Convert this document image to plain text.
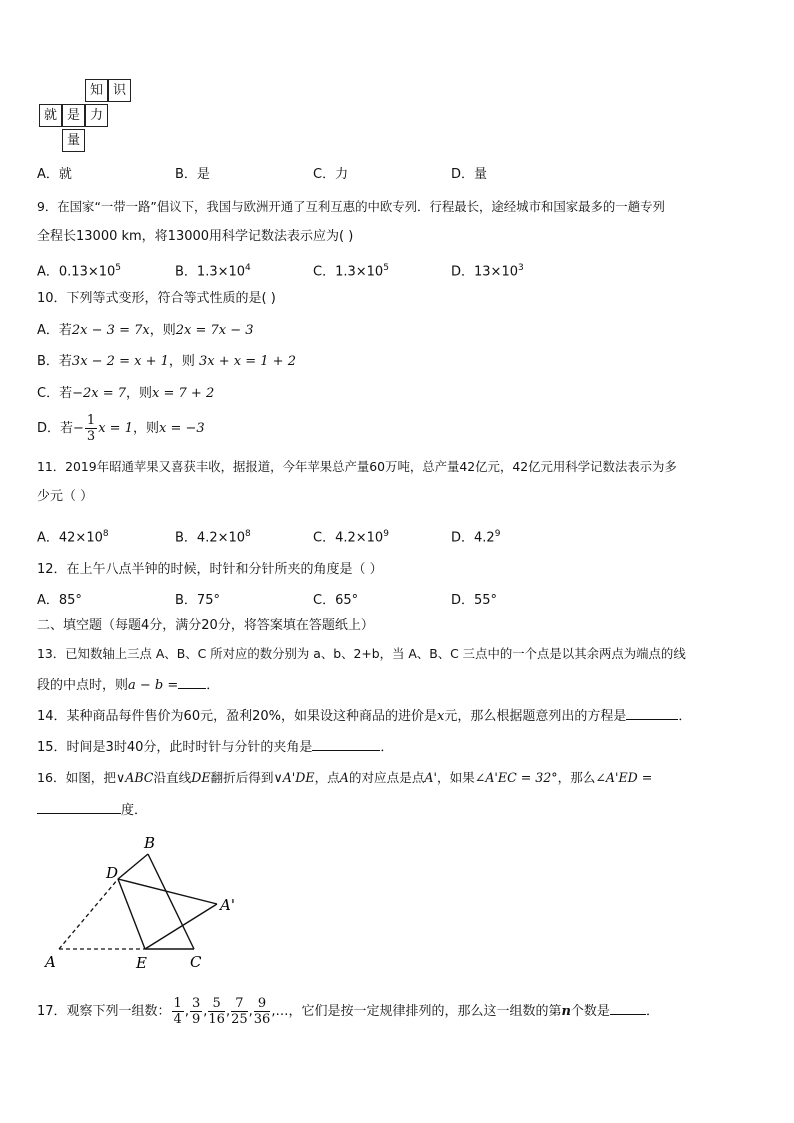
知 识
就 是 力
量
A．就	B．是	C．力	D．量
9．在国家“一带一路”倡议下，我国与欧洲开通了互利互惠的中欧专列．行程最长，途经城市和国家最多的一趟专列
全程长13000 km，将13000用科学记数法表示应为( )
A．$0.13\times 10^5$	B．$1.3\times 10^4$	C．$1.3\times 10^5$	D．$13\times 10^3$
10．下列等式变形，符合等式性质的是( )
A．若2x − 3 = 7x，则2x = 7x − 3
B．若3x − 2 = x + 1，则 3x + x = 1 + 2
C．若−2x = 7，则x = 7 + 2
D．若− $\frac{1}{3}$ x = 1，则x = −3
11．2019年昭通苹果又喜获丰收，据报道，今年苹果总产量60万吨，总产量42亿元，42亿元用科学记数法表示为多
少元（ ）
A．$42\times 10^8$	B．$4.2\times 10^8$	C．$4.2\times 10^9$	D．$4.2^9$
12．在上午八点半钟的时候，时针和分针所夹的角度是（ ）
A．85°	B．75°	C．65°	D．55°
二、填空题（每题4分，满分20分，将答案填在答题纸上）
13．已知数轴上三点 A、B、C 所对应的数分别为 a、b、2+b，当 A、B、C 三点中的一个点是以其余两点为端点的线
段的中点时，则a − b = ．
14．某种商品每件售价为60元，盈利20%，如果设这种商品的进价是x元，那么根据题意列出的方程是	．
15．时间是3时40分，此时时针与分针的夹角是	．
16．如图，把∨ABC沿直线DE翻折后得到∨A'DE，点A的对应点是点A'，如果∠A'EC = 32°，那么∠A'ED =
度．
B
D
A'
A	E	C
17．观察下列一组数： $\frac{1}{4}$ , $\frac{3}{9}$ , $\frac{5}{16}$ , $\frac{7}{25}$ , $\frac{9}{36}$ ,…，它们是按一定规律排列的，那么这一组数的第n个数是	．
